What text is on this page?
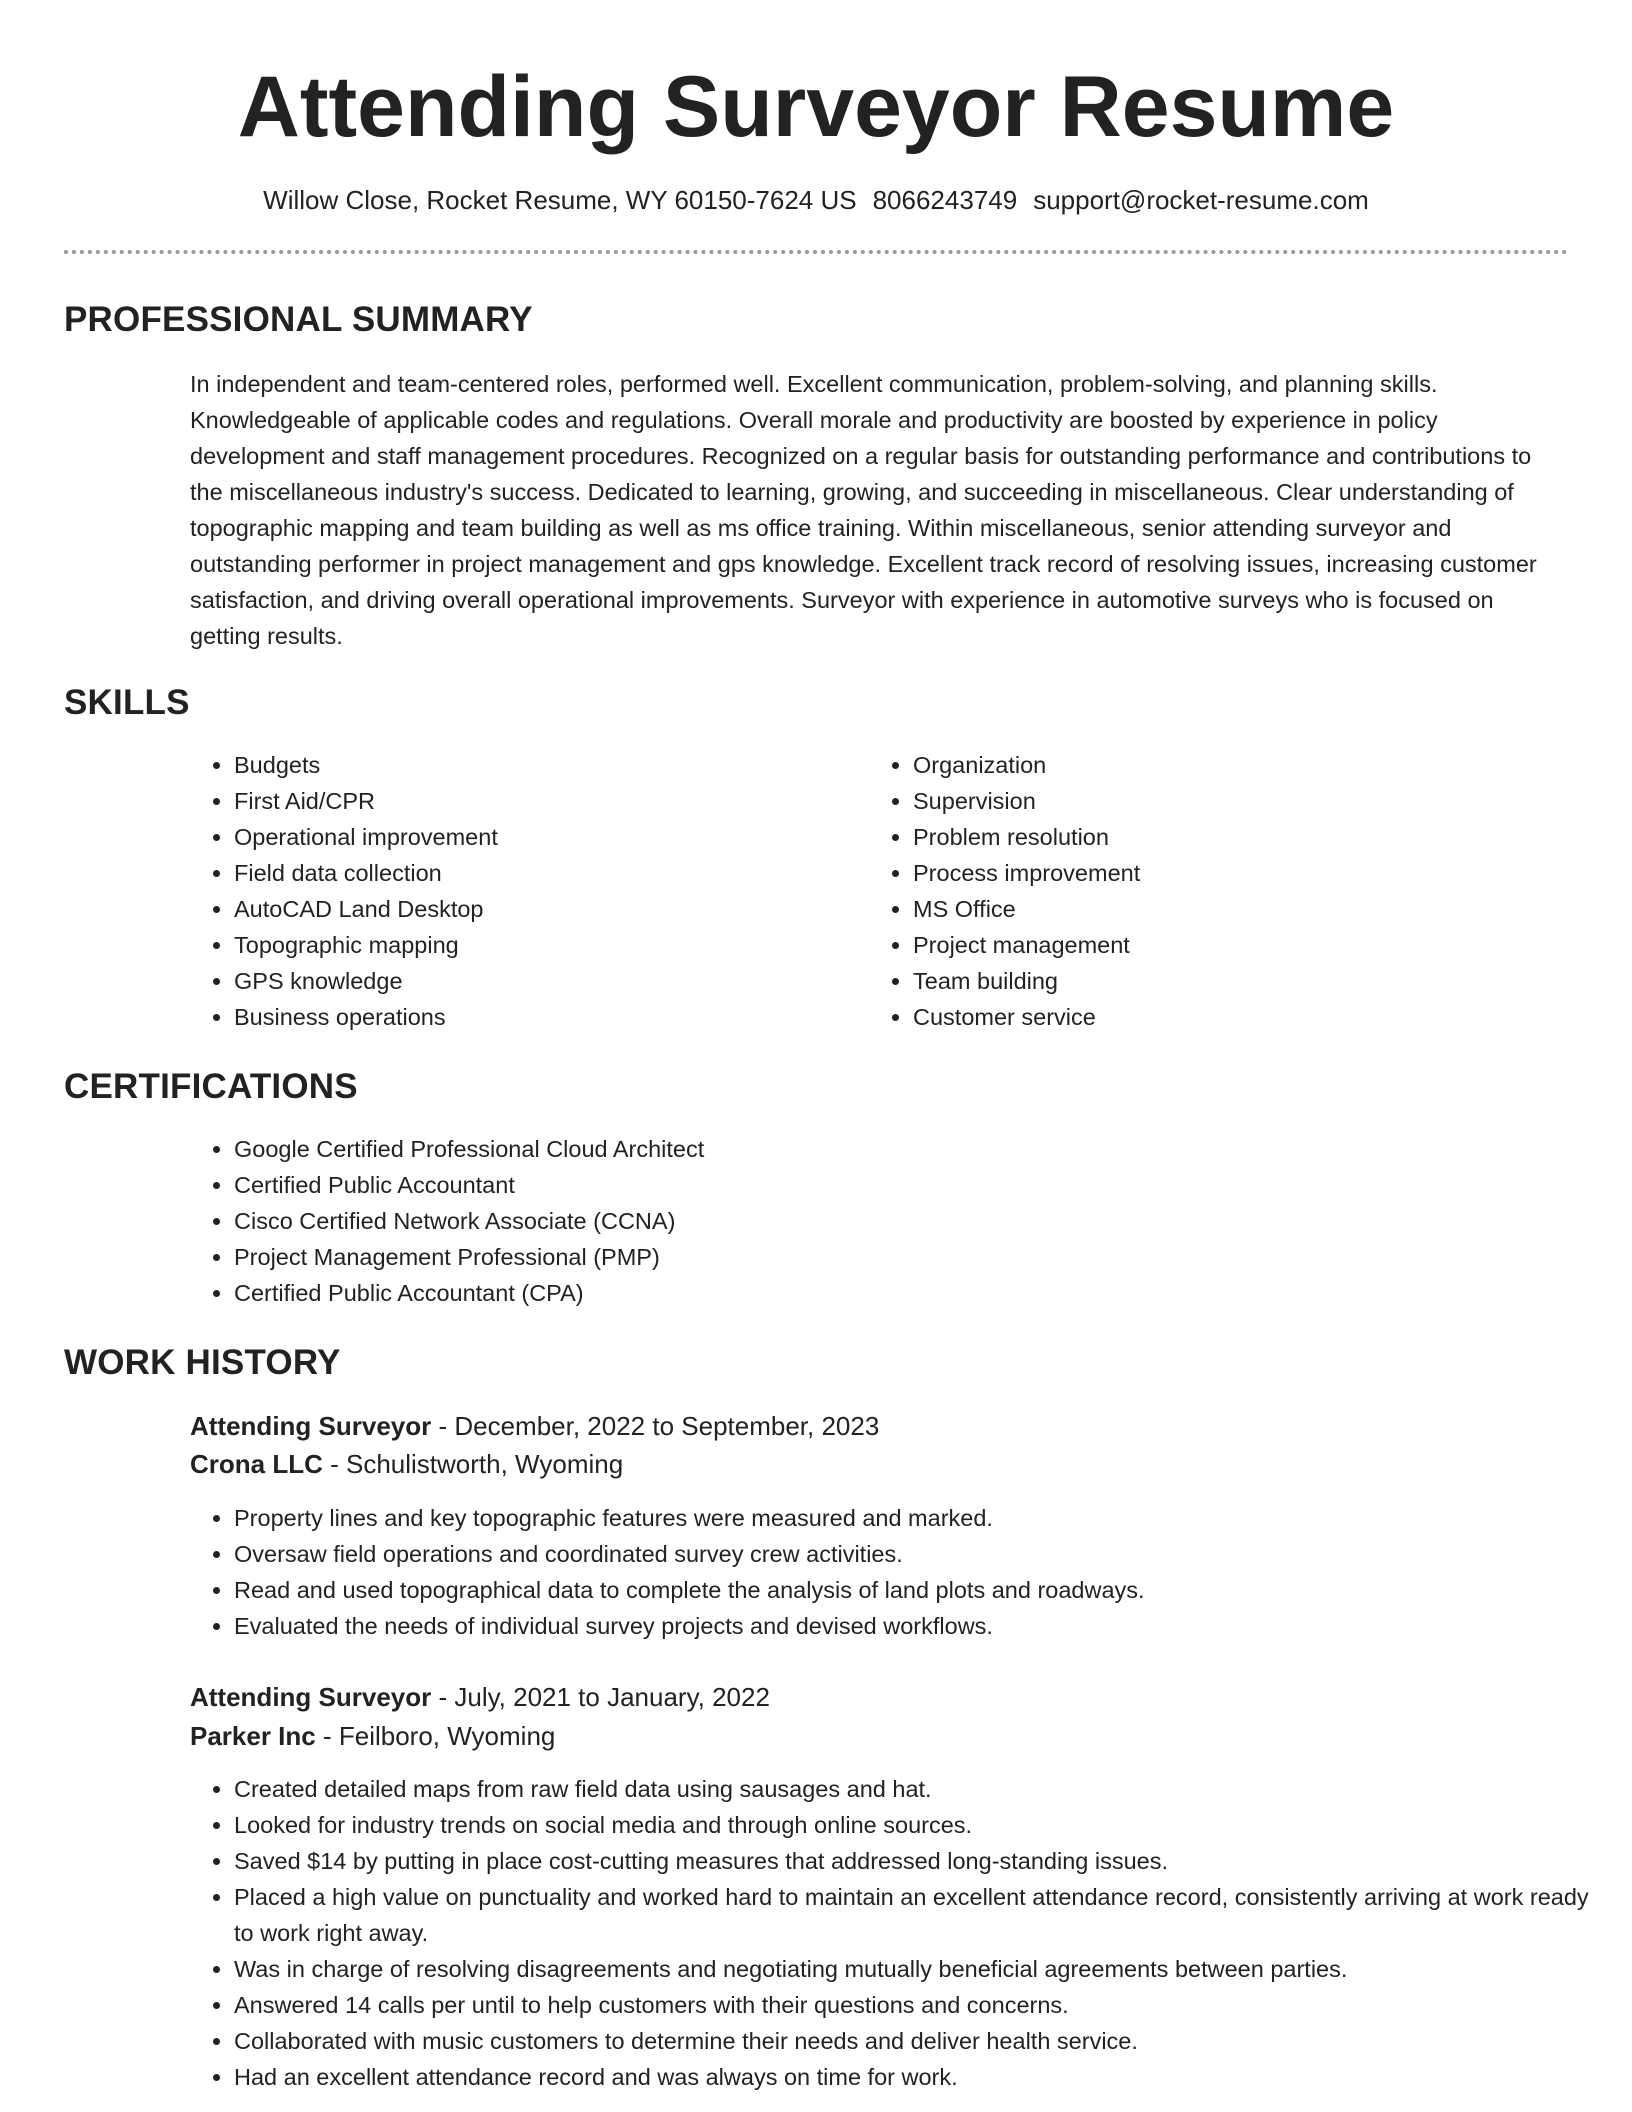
Attending Surveyor Resume
Willow Close, Rocket Resume, WY 60150-7624 US 8066243749 support@rocket-resume.com
PROFESSIONAL SUMMARY

In independent and team-centered roles, performed well. Excellent communication, problem-solving, and planning skills. Knowledgeable of applicable codes and regulations. Overall morale and productivity are boosted by experience in policy development and staff management procedures. Recognized on a regular basis for outstanding performance and contributions to the miscellaneous industry's success. Dedicated to learning, growing, and succeeding in miscellaneous. Clear understanding of topographic mapping and team building as well as ms office training. Within miscellaneous, senior attending surveyor and outstanding performer in project management and gps knowledge. Excellent track record of resolving issues, increasing customer satisfaction, and driving overall operational improvements. Surveyor with experience in automotive surveys who is focused on getting results.

SKILLS
• Budgets
• First Aid/CPR
• Operational improvement
• Field data collection
• AutoCAD Land Desktop
• Topographic mapping
• GPS knowledge
• Business operations
• Organization
• Supervision
• Problem resolution
• Process improvement
• MS Office
• Project management
• Team building
• Customer service
CERTIFICATIONS
• Google Certified Professional Cloud Architect
• Certified Public Accountant
• Cisco Certified Network Associate (CCNA)
• Project Management Professional (PMP)
• Certified Public Accountant (CPA)
WORK HISTORY
Attending Surveyor - December, 2022 to September, 2023
Crona LLC - Schulistworth, Wyoming
• Property lines and key topographic features were measured and marked.
• Oversaw field operations and coordinated survey crew activities.
• Read and used topographical data to complete the analysis of land plots and roadways.
• Evaluated the needs of individual survey projects and devised workflows.
Attending Surveyor - July, 2021 to January, 2022
Parker Inc - Feilboro, Wyoming
• Created detailed maps from raw field data using sausages and hat.
• Looked for industry trends on social media and through online sources.
• Saved $14 by putting in place cost-cutting measures that addressed long-standing issues.
• Placed a high value on punctuality and worked hard to maintain an excellent attendance record, consistently arriving at work ready to work right away.
• Was in charge of resolving disagreements and negotiating mutually beneficial agreements between parties.
• Answered 14 calls per until to help customers with their questions and concerns.
• Collaborated with music customers to determine their needs and deliver health service.
• Had an excellent attendance record and was always on time for work.
